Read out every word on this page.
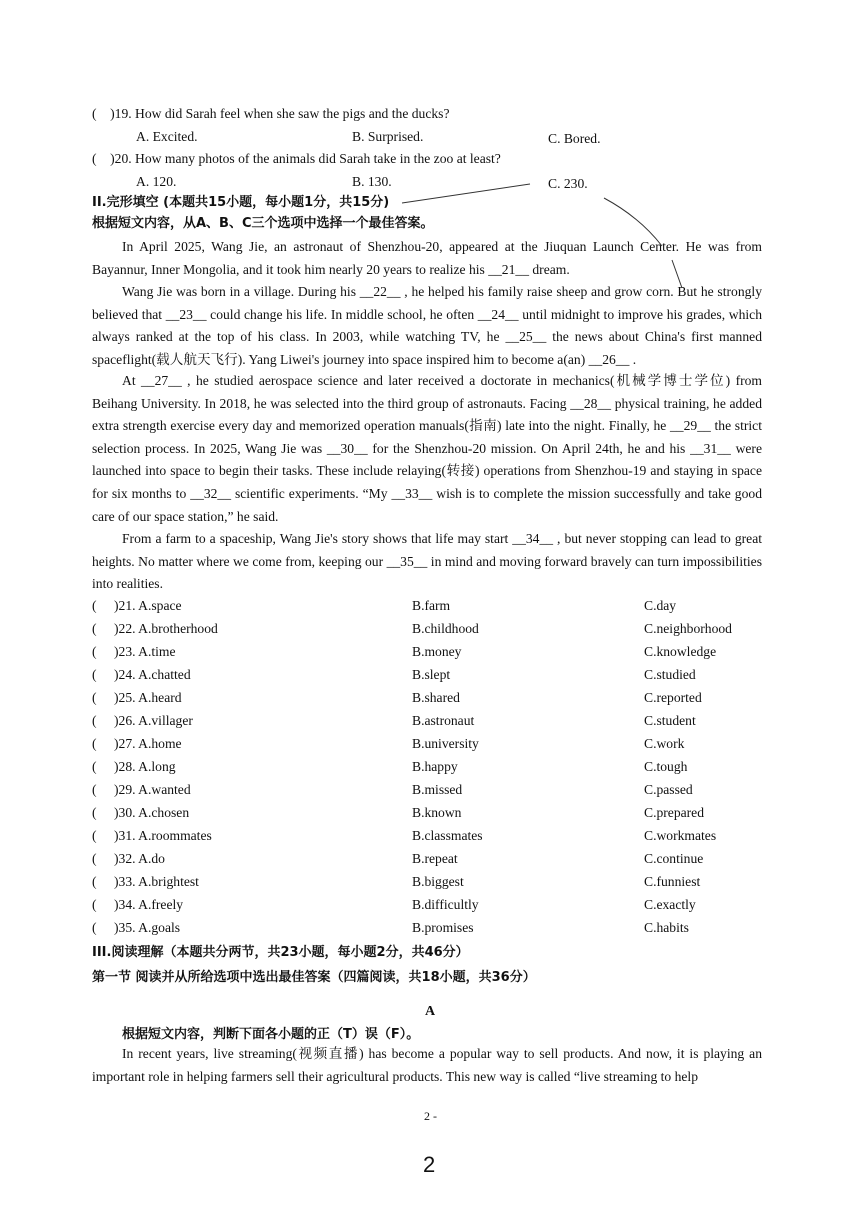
( )19. How did Sarah feel when she saw the pigs and the ducks?
A. Excited.	B. Surprised.	C. Bored.
( )20. How many photos of the animals did Sarah take in the zoo at least?
A. 120.	B. 130.	C. 230.
II.完形填空 (本题共15小题，每小题1分，共15分)
根据短文内容，从A、B、C三个选项中选择一个最佳答案。
In April 2025, Wang Jie, an astronaut of Shenzhou-20, appeared at the Jiuquan Launch Center. He was from Bayannur, Inner Mongolia, and it took him nearly 20 years to realize his __21__ dream.
Wang Jie was born in a village. During his __22__ , he helped his family raise sheep and grow corn. But he strongly believed that __23__ could change his life. In middle school, he often __24__ until midnight to improve his grades, which always ranked at the top of his class. In 2003, while watching TV, he __25__ the news about China's first manned spaceflight(载人航天飞行). Yang Liwei's journey into space inspired him to become a(an) __26__ .
At __27__ , he studied aerospace science and later received a doctorate in mechanics(机械学博士学位) from Beihang University. In 2018, he was selected into the third group of astronauts. Facing __28__ physical training, he added extra strength exercise every day and memorized operation manuals(指南) late into the night. Finally, he __29__ the strict selection process. In 2025, Wang Jie was __30__ for the Shenzhou-20 mission. On April 24th, he and his __31__ were launched into space to begin their tasks. These include relaying(转接) operations from Shenzhou-19 and staying in space for six months to __32__ scientific experiments. “My __33__ wish is to complete the mission successfully and take good care of our space station,” he said.
From a farm to a spaceship, Wang Jie's story shows that life may start __34__ , but never stopping can lead to great heights. No matter where we come from, keeping our __35__ in mind and moving forward bravely can turn impossibilities into realities.
( )21. A.space	B.farm	C.day
( )22. A.brotherhood	B.childhood	C.neighborhood
( )23. A.time	B.money	C.knowledge
( )24. A.chatted	B.slept	C.studied
( )25. A.heard	B.shared	C.reported
( )26. A.villager	B.astronaut	C.student
( )27. A.home	B.university	C.work
( )28. A.long	B.happy	C.tough
( )29. A.wanted	B.missed	C.passed
( )30. A.chosen	B.known	C.prepared
( )31. A.roommates	B.classmates	C.workmates
( )32. A.do	B.repeat	C.continue
( )33. A.brightest	B.biggest	C.funniest
( )34. A.freely	B.difficultly	C.exactly
( )35. A.goals	B.promises	C.habits
III.阅读理解（本题共分两节，共23小题，每小题2分，共46分）
第一节 阅读并从所给选项中选出最佳答案（四篇阅读，共18小题，共36分）
A
根据短文内容，判断下面各小题的正（T）误（F）。
In recent years, live streaming(视频直播) has become a popular way to sell products. And now, it is playing an important role in helping farmers sell their agricultural products. This new way is called “live streaming to help
2 -
2
